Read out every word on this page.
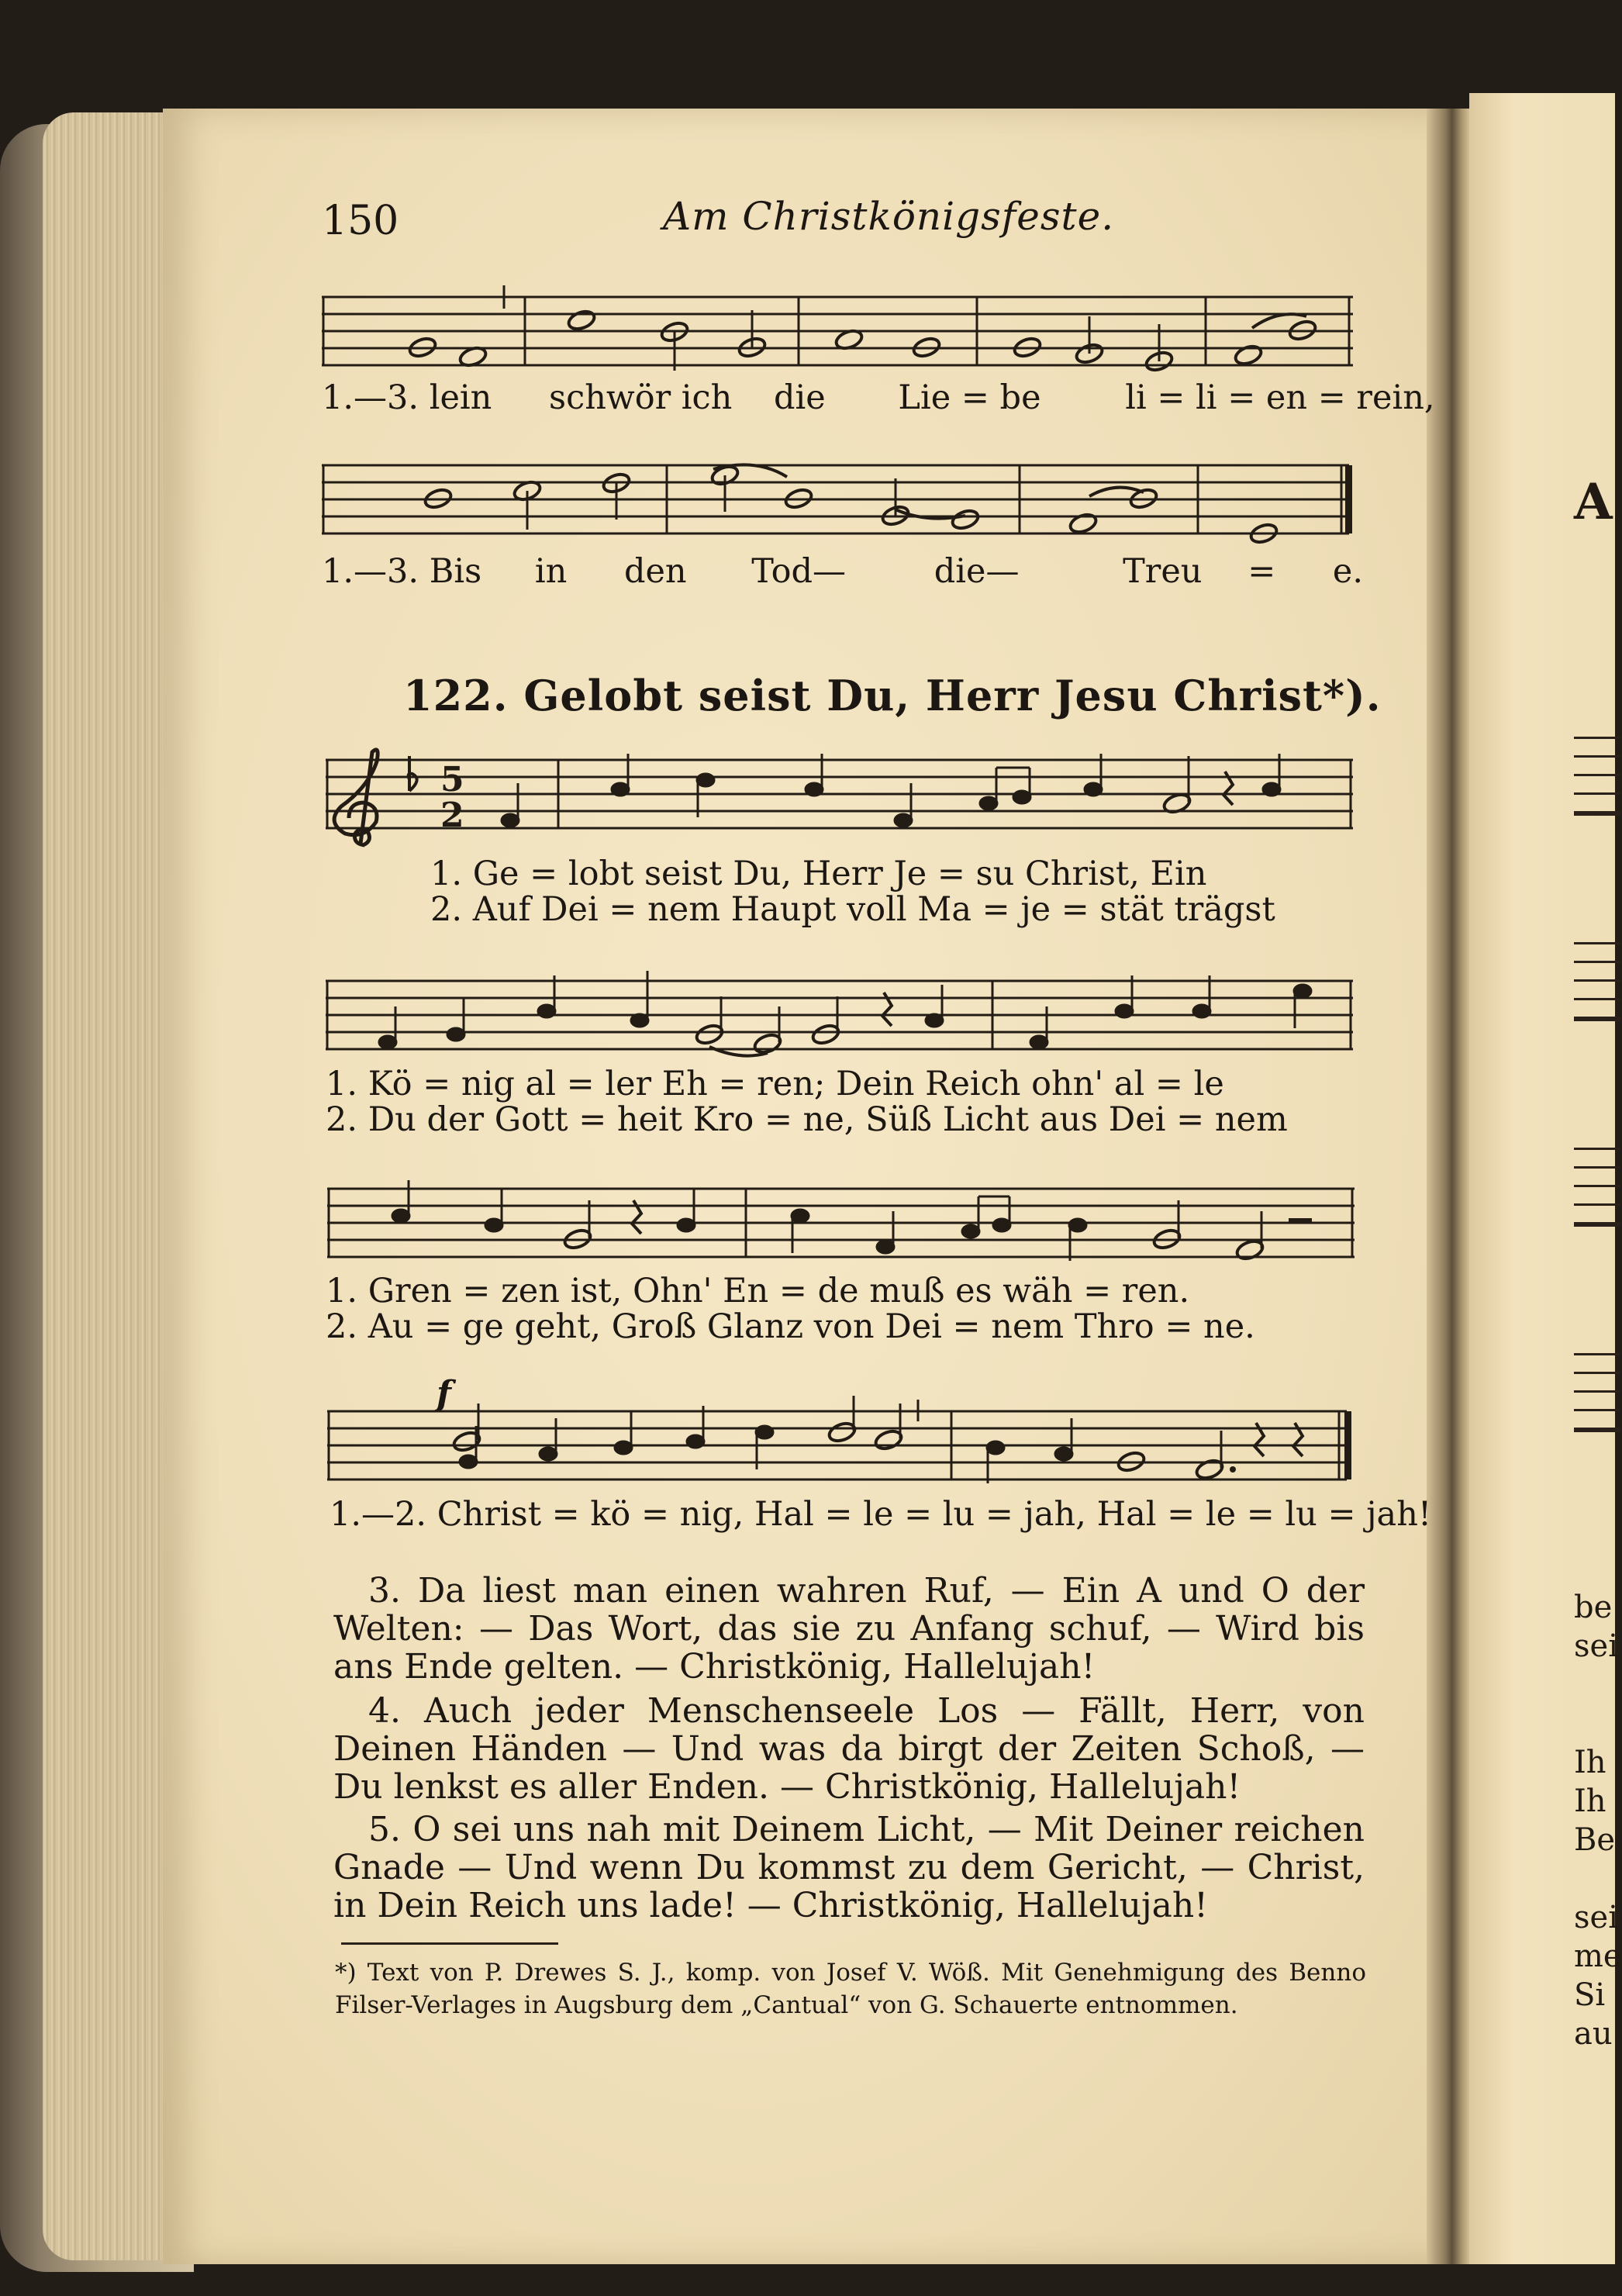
A
be
sei
Ih
Ih
Be
sei
me
Si
au
150	Am Christkönigsfeste.
1.—3. lein schwör ich die Lie = be	li = li = en = rein,
1.—3. Bis in den Tod—	die—	Treu = e.
122. Gelobt seist Du, Herr Jesu Christ*).
5
2
1. Ge = lobt seist Du, Herr Je = su Christ, Ein
2. Auf Dei = nem Haupt voll Ma = je = stät trägst
1. Kö = nig al = ler Eh = ren; Dein Reich ohn' al = le
2. Du der Gott = heit Kro = ne, Süß Licht aus Dei = nem
1. Gren = zen ist, Ohn' En = de muß es wäh = ren.
2. Au = ge geht, Groß Glanz von Dei = nem Thro = ne.
f
1.—2. Christ = kö = nig, Hal = le = lu = jah, Hal = le = lu = jah!
3. Da liest man einen wahren Ruf, — Ein A und O der Welten: — Das Wort, das sie zu Anfang schuf, — Wird bis ans Ende gelten. — Christkönig, Hallelujah!
4. Auch jeder Menschenseele Los — Fällt, Herr, von Deinen Händen — Und was da birgt der Zeiten Schoß, — Du lenkst es aller Enden. — Christkönig, Hallelujah!
5. O sei uns nah mit Deinem Licht, — Mit Deiner reichen Gnade — Und wenn Du kommst zu dem Gericht, — Christ, in Dein Reich uns lade! — Christkönig, Hallelujah!
*) Text von P. Drewes S. J., komp. von Josef V. Wöß. Mit Genehmigung des Benno Filser-Verlages in Augsburg dem „Cantual“ von G. Schauerte entnommen.
